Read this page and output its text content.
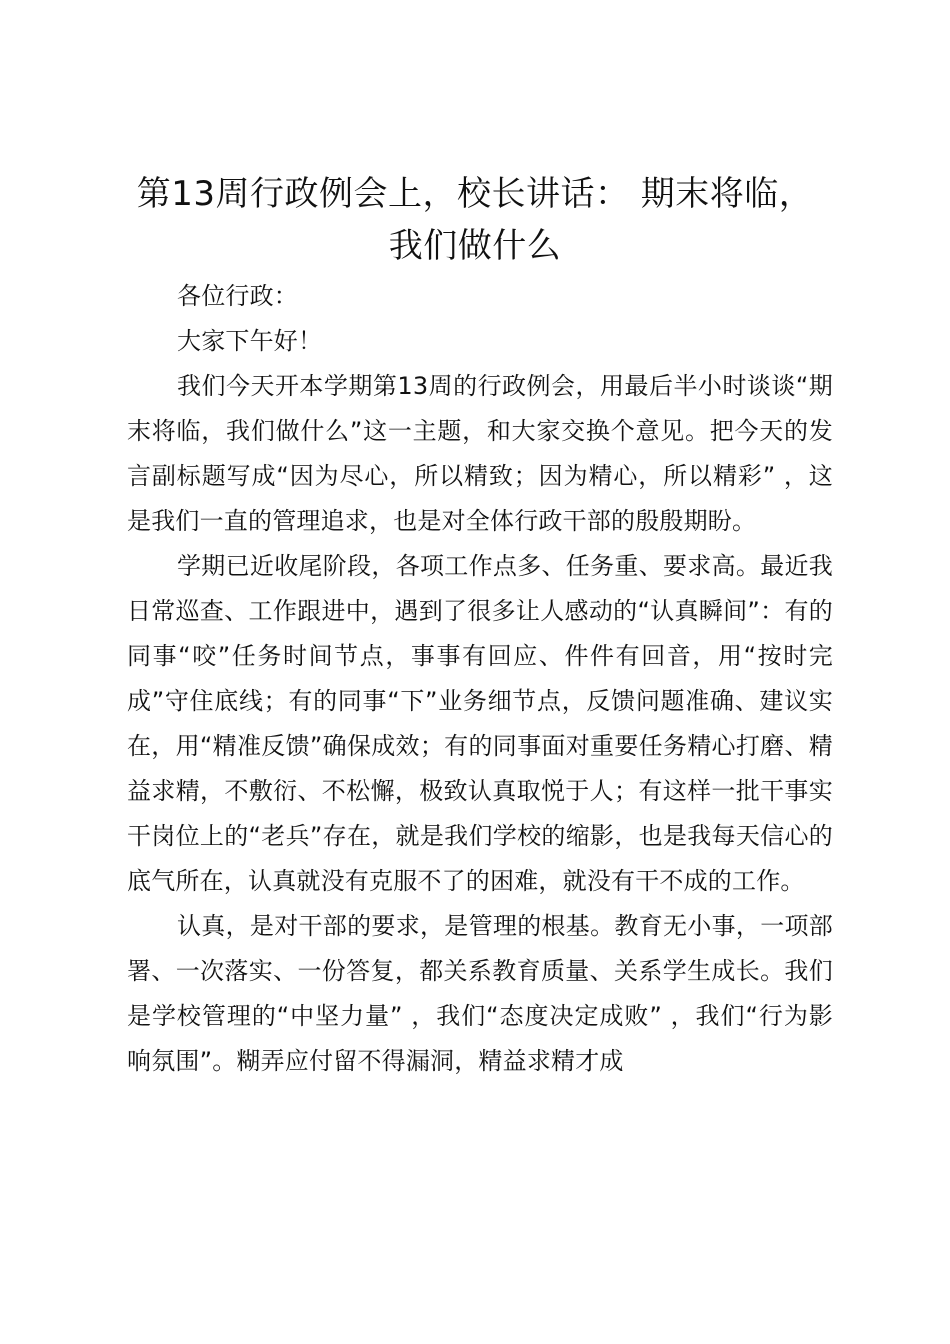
第13周行政例会上，校长讲话： 期末将临，我们做什么

各位行政：

大家下午好！

我们今天开本学期第13周的行政例会，用最后半小时谈谈“期末将临，我们做什么”这一主题，和大家交换个意见。把今天的发言副标题写成“因为尽心，所以精致；因为精心，所以精彩” ，这是我们一直的管理追求，也是对全体行政干部的殷殷期盼。

学期已近收尾阶段，各项工作点多、任务重、要求高。最近我日常巡查、工作跟进中，遇到了很多让人感动的“认真瞬间”：有的同事“咬”任务时间节点，事事有回应、件件有回音，用“按时完成”守住底线；有的同事“下”业务细节点，反馈问题准确、建议实在，用“精准反馈”确保成效；有的同事面对重要任务精心打磨、精益求精，不敷衍、不松懈，极致认真取悦于人；有这样一批干事实干岗位上的“老兵”存在，就是我们学校的缩影，也是我每天信心的底气所在，认真就没有克服不了的困难，就没有干不成的工作。

认真，是对干部的要求，是管理的根基。教育无小事，一项部署、一次落实、一份答复，都关系教育质量、关系学生成长。我们是学校管理的“中坚力量” ，我们“态度决定成败” ，我们“行为影响氛围”。糊弄应付留不得漏洞，精益求精才成
